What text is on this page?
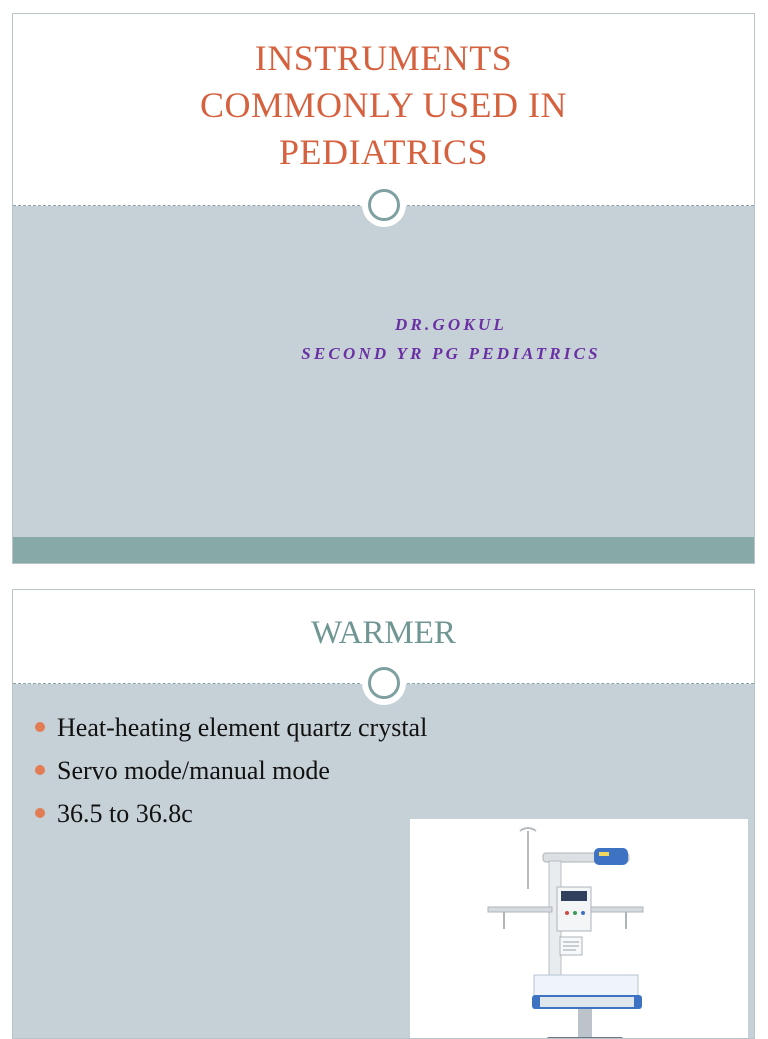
INSTRUMENTS
COMMONLY USED IN
PEDIATRICS
DR.GOKUL
SECOND YR PG PEDIATRICS
WARMER
Heat-heating element quartz crystal
Servo mode/manual mode
36.5 to 36.8c
